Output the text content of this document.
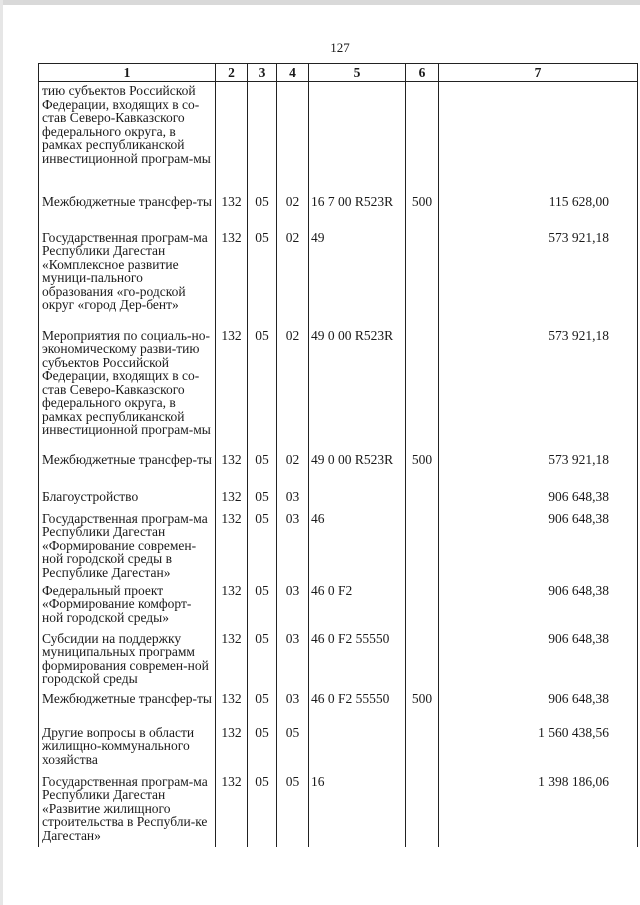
127
1	2	3	4	5	6	7
тию субъектов Российской Федерации, входящих в со-став Северо-Кавказского федерального округа, в рамках республиканской инвестиционной програм-мы						
Межбюджетные трансфер-ты	132	05	02	16 7 00 R523R	500	115 628,00
Государственная програм-ма Республики Дагестан «Комплексное развитие муници-пального образования «го-родской округ «город Дер-бент»	132	05	02	49		573 921,18
Мероприятия по социаль-но-экономическому разви-тию субъектов Российской Федерации, входящих в со-став Северо-Кавказского федерального округа, в рамках республиканской инвестиционной програм-мы	132	05	02	49 0 00 R523R		573 921,18
Межбюджетные трансфер-ты	132	05	02	49 0 00 R523R	500	573 921,18
Благоустройство	132	05	03			906 648,38
Государственная програм-ма Республики Дагестан «Формирование современ-ной городской среды в Республике Дагестан»	132	05	03	46		906 648,38
Федеральный проект «Формирование комфорт-ной городской среды»	132	05	03	46 0 F2		906 648,38
Субсидии на поддержку муниципальных программ формирования современ-ной городской среды	132	05	03	46 0 F2 55550		906 648,38
Межбюджетные трансфер-ты	132	05	03	46 0 F2 55550	500	906 648,38
Другие вопросы в области жилищно-коммунального хозяйства	132	05	05			1 560 438,56
Государственная програм-ма Республики Дагестан «Развитие жилищного строительства в Республи-ке Дагестан»	132	05	05	16		1 398 186,06
